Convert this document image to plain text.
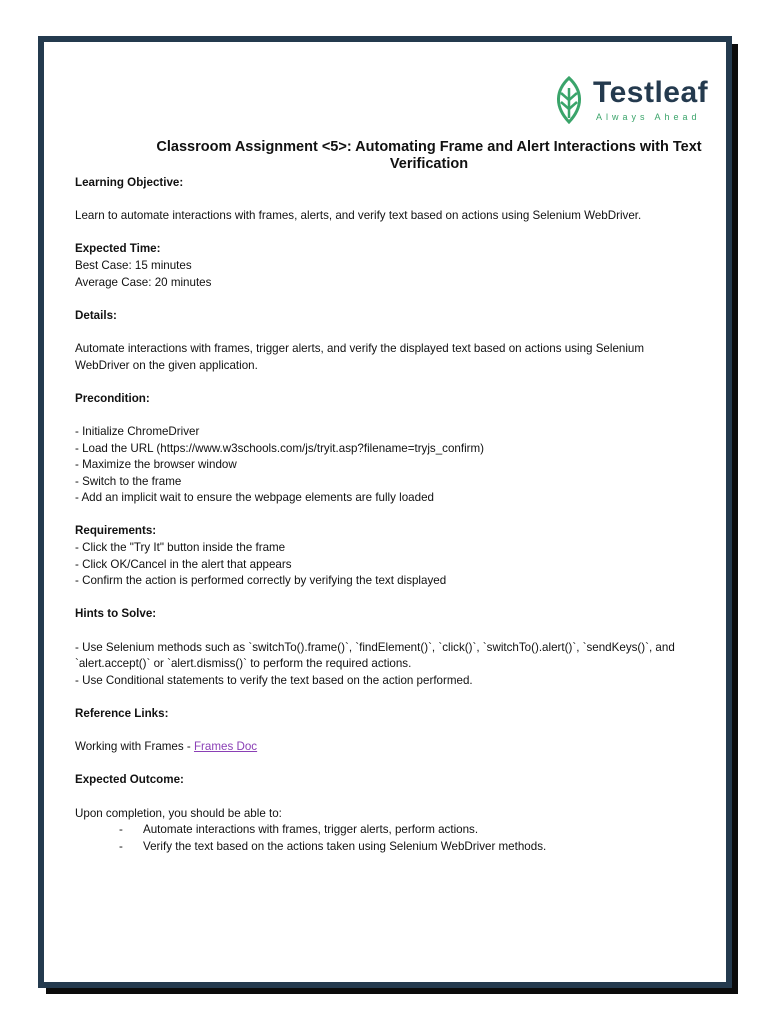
Testleaf
Always Ahead
Classroom Assignment <5>: Automating Frame and Alert Interactions with Text Verification

Learning Objective:

Learn to automate interactions with frames, alerts, and verify text based on actions using Selenium WebDriver.

Expected Time:

Best Case: 15 minutes

Average Case: 20 minutes

Details:

Automate interactions with frames, trigger alerts, and verify the displayed text based on actions using Selenium

WebDriver on the given application.

Precondition:

- Initialize ChromeDriver

- Load the URL (https://www.w3schools.com/js/tryit.asp?filename=tryjs_confirm)

- Maximize the browser window

- Switch to the frame

- Add an implicit wait to ensure the webpage elements are fully loaded

Requirements:

- Click the "Try It" button inside the frame

- Click OK/Cancel in the alert that appears

- Confirm the action is performed correctly by verifying the text displayed

Hints to Solve:

- Use Selenium methods such as `switchTo().frame()`, `findElement()`, `click()`, `switchTo().alert()`, `sendKeys()`, and

`alert.accept()` or `alert.dismiss()` to perform the required actions.

- Use Conditional statements to verify the text based on the action performed.

Reference Links:

Working with Frames - Frames Doc

Expected Outcome:

Upon completion, you should be able to:

- Automate interactions with frames, trigger alerts, perform actions.

- Verify the text based on the actions taken using Selenium WebDriver methods.
